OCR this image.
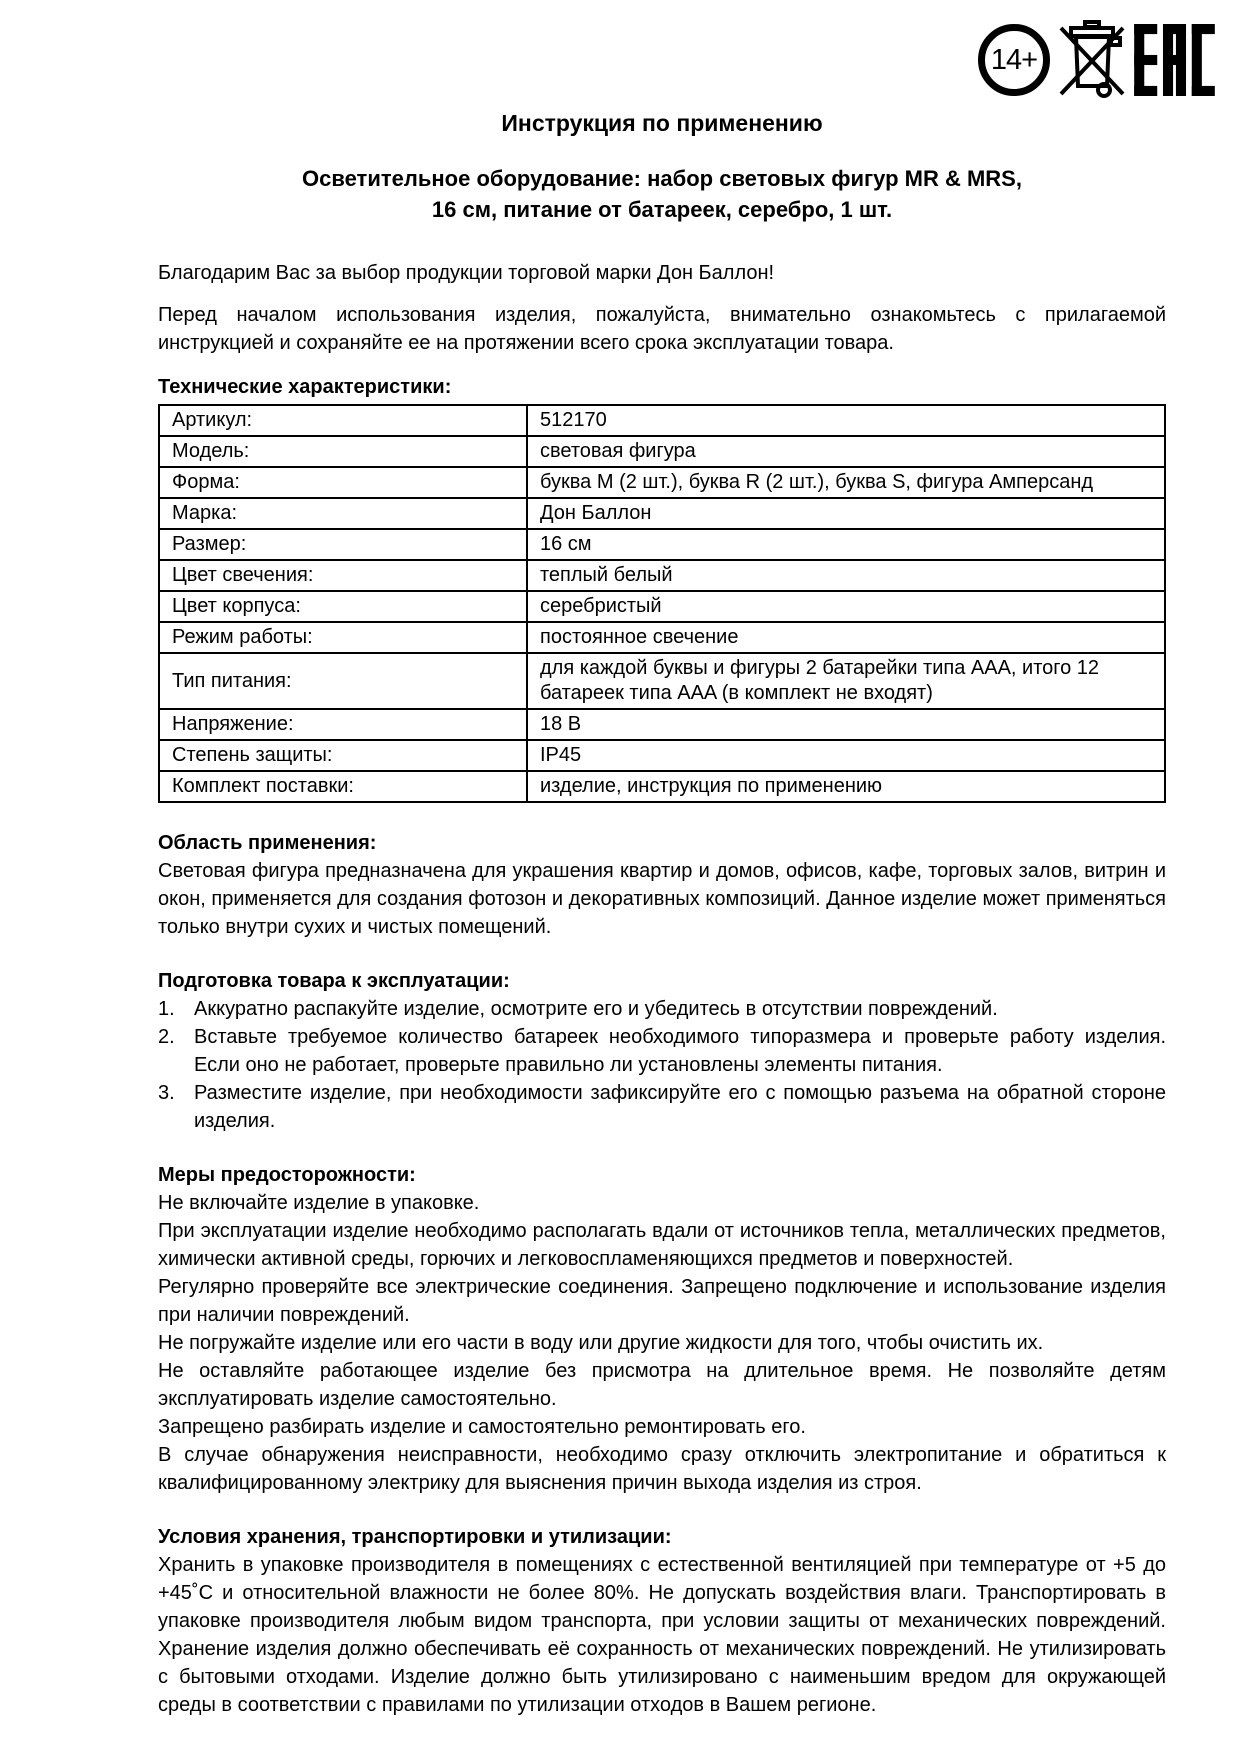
14+
Инструкция по применению
Осветительное оборудование: набор световых фигур MR & MRS,
16 см, питание от батареек, серебро, 1 шт.

Благодарим Вас за выбор продукции торговой марки Дон Баллон!

Перед началом использования изделия, пожалуйста, внимательно ознакомьтесь с прилагаемой инструкцией и сохраняйте ее на протяжении всего срока эксплуатации товара.

Технические характеристики:
Артикул:	512170
Модель:	световая фигура
Форма:	буква M (2 шт.), буква R (2 шт.), буква S, фигура Амперсанд
Марка:	Дон Баллон
Размер:	16 см
Цвет свечения:	теплый белый
Цвет корпуса:	серебристый
Режим работы:	постоянное свечение
Тип питания:	для каждой буквы и фигуры 2 батарейки типа AAA, итого 12 батареек типа AAA (в комплект не входят)
Напряжение:	18 В
Степень защиты:	IP45
Комплект поставки:	изделие, инструкция по применению
Область применения:

Световая фигура предназначена для украшения квартир и домов, офисов, кафе, торговых залов, витрин и окон, применяется для создания фотозон и декоративных композиций. Данное изделие может применяться только внутри сухих и чистых помещений.

Подготовка товара к эксплуатации:
1. Аккуратно распакуйте изделие, осмотрите его и убедитесь в отсутствии повреждений.
2. Вставьте требуемое количество батареек необходимого типоразмера и проверьте работу изделия. Если оно не работает, проверьте правильно ли установлены элементы питания.
3. Разместите изделие, при необходимости зафиксируйте его с помощью разъема на обратной стороне изделия.
Меры предосторожности:

Не включайте изделие в упаковке.

При эксплуатации изделие необходимо располагать вдали от источников тепла, металлических предметов, химически активной среды, горючих и легковоспламеняющихся предметов и поверхностей.

Регулярно проверяйте все электрические соединения. Запрещено подключение и использование изделия при наличии повреждений.

Не погружайте изделие или его части в воду или другие жидкости для того, чтобы очистить их.

Не оставляйте работающее изделие без присмотра на длительное время. Не позволяйте детям эксплуатировать изделие самостоятельно.

Запрещено разбирать изделие и самостоятельно ремонтировать его.

В случае обнаружения неисправности, необходимо сразу отключить электропитание и обратиться к квалифицированному электрику для выяснения причин выхода изделия из строя.

Условия хранения, транспортировки и утилизации:

Хранить в упаковке производителя в помещениях с естественной вентиляцией при температуре от +5 до +45˚С и относительной влажности не более 80%. Не допускать воздействия влаги. Транспортировать в упаковке производителя любым видом транспорта, при условии защиты от механических повреждений. Хранение изделия должно обеспечивать её сохранность от механических повреждений. Не утилизировать с бытовыми отходами. Изделие должно быть утилизировано с наименьшим вредом для окружающей среды в соответствии с правилами по утилизации отходов в Вашем регионе.
